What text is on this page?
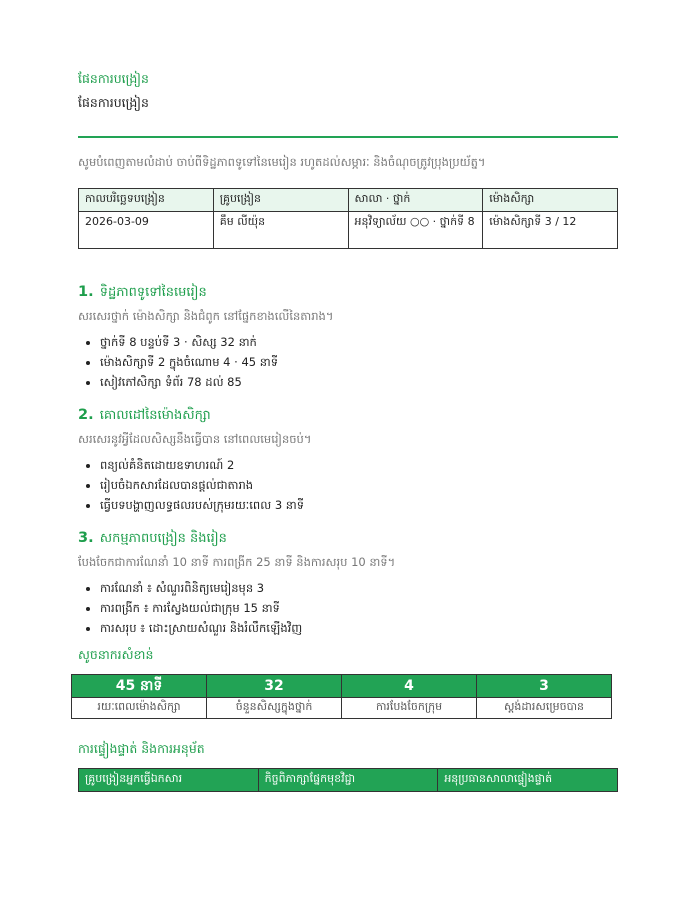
ផែនការបង្រៀន
ផែនការបង្រៀន
សូមបំពេញតាមលំដាប់ ចាប់ពីទិដ្ឋភាពទូទៅនៃមេរៀន រហូតដល់សម្ភារៈ និងចំណុចត្រូវប្រុងប្រយ័ត្ន។
កាលបរិច្ឆេទបង្រៀន	គ្រូបង្រៀន	សាលា · ថ្នាក់	ម៉ោងសិក្សា
2026-03-09	គឹម លីយ៉ុន	អនុវិទ្យាល័យ ○○ · ថ្នាក់ទី 8	ម៉ោងសិក្សាទី 3 / 12
1. ទិដ្ឋភាពទូទៅនៃមេរៀន
សរសេរថ្នាក់ ម៉ោងសិក្សា និងជំពូក នៅផ្នែកខាងលើនៃតារាង។
• ថ្នាក់ទី 8 បន្ទប់ទី 3 · សិស្ស 32 នាក់
• ម៉ោងសិក្សាទី 2 ក្នុងចំណោម 4 · 45 នាទី
• សៀវភៅសិក្សា ទំព័រ 78 ដល់ 85
2. គោលដៅនៃម៉ោងសិក្សា
សរសេរនូវអ្វីដែលសិស្សនឹងធ្វើបាន នៅពេលមេរៀនចប់។
• ពន្យល់គំនិតដោយឧទាហរណ៍ 2
• រៀបចំឯកសារដែលបានផ្តល់ជាតារាង
• ធ្វើបទបង្ហាញលទ្ធផលរបស់ក្រុមរយៈពេល 3 នាទី
3. សកម្មភាពបង្រៀន និងរៀន
បែងចែកជាការណែនាំ 10 នាទី ការពង្រីក 25 នាទី និងការសរុប 10 នាទី។
• ការណែនាំ ៖ សំណួរពិនិត្យមេរៀនមុន 3
• ការពង្រីក ៖ ការស្វែងយល់ជាក្រុម 15 នាទី
• ការសរុប ៖ ដោះស្រាយសំណួរ និងរំលឹកឡើងវិញ
សូចនាករសំខាន់
45 នាទី	32	4	3
រយៈពេលម៉ោងសិក្សា	ចំនួនសិស្សក្នុងថ្នាក់	ការបែងចែកក្រុម	ស្តង់ដារសម្រេចបាន
ការផ្ទៀងផ្ទាត់ និងការអនុម័ត
គ្រូបង្រៀនអ្នកធ្វើឯកសារ	កិច្ចពិភាក្សាផ្នែកមុខវិជ្ជា	អនុប្រធានសាលាផ្ទៀងផ្ទាត់
